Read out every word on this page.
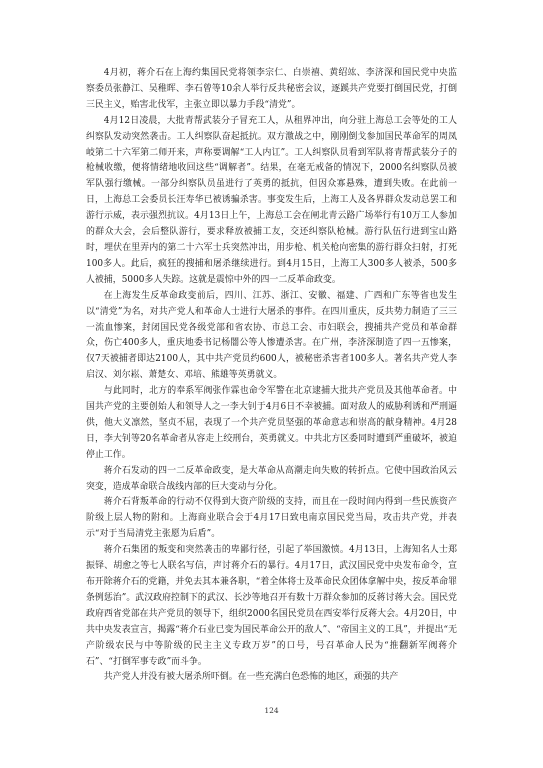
4月初，蒋介石在上海约集国民党将领李宗仁、白崇禧、黄绍竑、李济深和国民党中央监察委员张静江、吴稚晖、李石曾等10余人举行反共秘密会议，逐蹊共产党要打倒国民党，打倒三民主义，贻害北伐军，主张立即以暴力手段“清党”。

4月12日凌晨，大批青帮武装分子冒充工人，从租界冲出，向分驻上海总工会等处的工人纠察队发动突然袭击。工人纠察队奋起抵抗。双方激战之中，刚刚倒戈参加国民革命军的周凤岐第二十六军第二师开来，声称要调解“工人内讧”。工人纠察队员看到军队将青帮武装分子的枪械收缴，便将情绪地收回这些“调解者”。结果，在毫无戒备的情况下，2000名纠察队员被军队强行缴械。一部分纠察队员虽进行了英勇的抵抗，但因众寡悬殊，遭到失败。在此前一日，上海总工会委员长汪寿华已被诱骗杀害。事变发生后，上海工人及各界群众发动总罢工和游行示威，表示强烈抗议。4月13日上午，上海总工会在闸北青云路广场举行有10万工人参加的群众大会，会后整队游行，要求释放被捕工友，交还纠察队枪械。游行队伍行进到宝山路时，埋伏在里弄内的第二十六军士兵突然冲出，用步枪、机关枪向密集的游行群众扫射，打死100多人。此后，疯狂的搜捕和屠杀继续进行。到4月15日，上海工人300多人被杀，500多人被捕，5000多人失踪。这就是震惊中外的四一二反革命政变。

在上海发生反革命政变前后，四川、江苏、浙江、安徽、福建、广西和广东等省也发生以“清党”为名，对共产党人和革命人士进行大屠杀的事件。在四川重庆，反共势力制造了三三一流血惨案，封闭国民党各级党部和省农协、市总工会、市妇联会，搜捕共产党员和革命群众，伤亡400多人，重庆地委书记杨闇公等人惨遭杀害。在广州，李济深制造了四一五惨案，仅7天被捕者即达2100人，其中共产党员约600人，被秘密杀害者100多人。著名共产党人李启汉、刘尔崧、萧楚女、邓培、熊雄等英勇就义。

与此同时，北方的奉系军阀张作霖也命令军警在北京逮捕大批共产党员及其他革命者。中国共产党的主要创始人和领导人之一李大钊于4月6日不幸被捕。面对敌人的威胁利诱和严刑逼供，他大义凛然，坚贞不屈，表现了一个共产党员坚强的革命意志和崇高的献身精神。4月28日，李大钊等20名革命者从容走上绞刑台，英勇就义。中共北方区委同时遭到严重破坏，被迫停止工作。

蒋介石发动的四一二反革命政变，是大革命从高潮走向失败的转折点。它使中国政治风云突变，造成革命联合战线内部的巨大变动与分化。

蒋介石背叛革命的行动不仅得到大资产阶级的支持，而且在一段时间内得到一些民族资产阶级上层人物的附和。上海商业联合会于4月17日致电南京国民党当局，攻击共产党，并表示“对于当局清党主张愿为后盾”。

蒋介石集团的叛变和突然袭击的卑鄙行径，引起了举国激愤。4月13日，上海知名人士郑振铎、胡愈之等七人联名写信，声讨蒋介石的暴行。4月17日，武汉国民党中央发布命令，宣布开除蒋介石的党籍，并免去其本兼各职，“着全体将士及革命民众团体拿解中央，按反革命罪条例惩治”。武汉政府控制下的武汉、长沙等地召开有数十万群众参加的反蒋讨蒋大会。国民党政府西省党部在共产党员的领导下，组织2000名国民党员在西安举行反蒋大会。4月20日，中共中央发表宣言，揭露“蒋介石业已变为国民革命公开的敌人”、“帝国主义的工具”，并提出“无产阶级农民与中等阶级的民主主义专政万岁”的口号，号召革命人民为“推翻新军阀蒋介石”、“打倒军事专政”而斗争。

共产党人并没有被大屠杀所吓倒。在一些充满白色恐怖的地区，顽强的共产

124
